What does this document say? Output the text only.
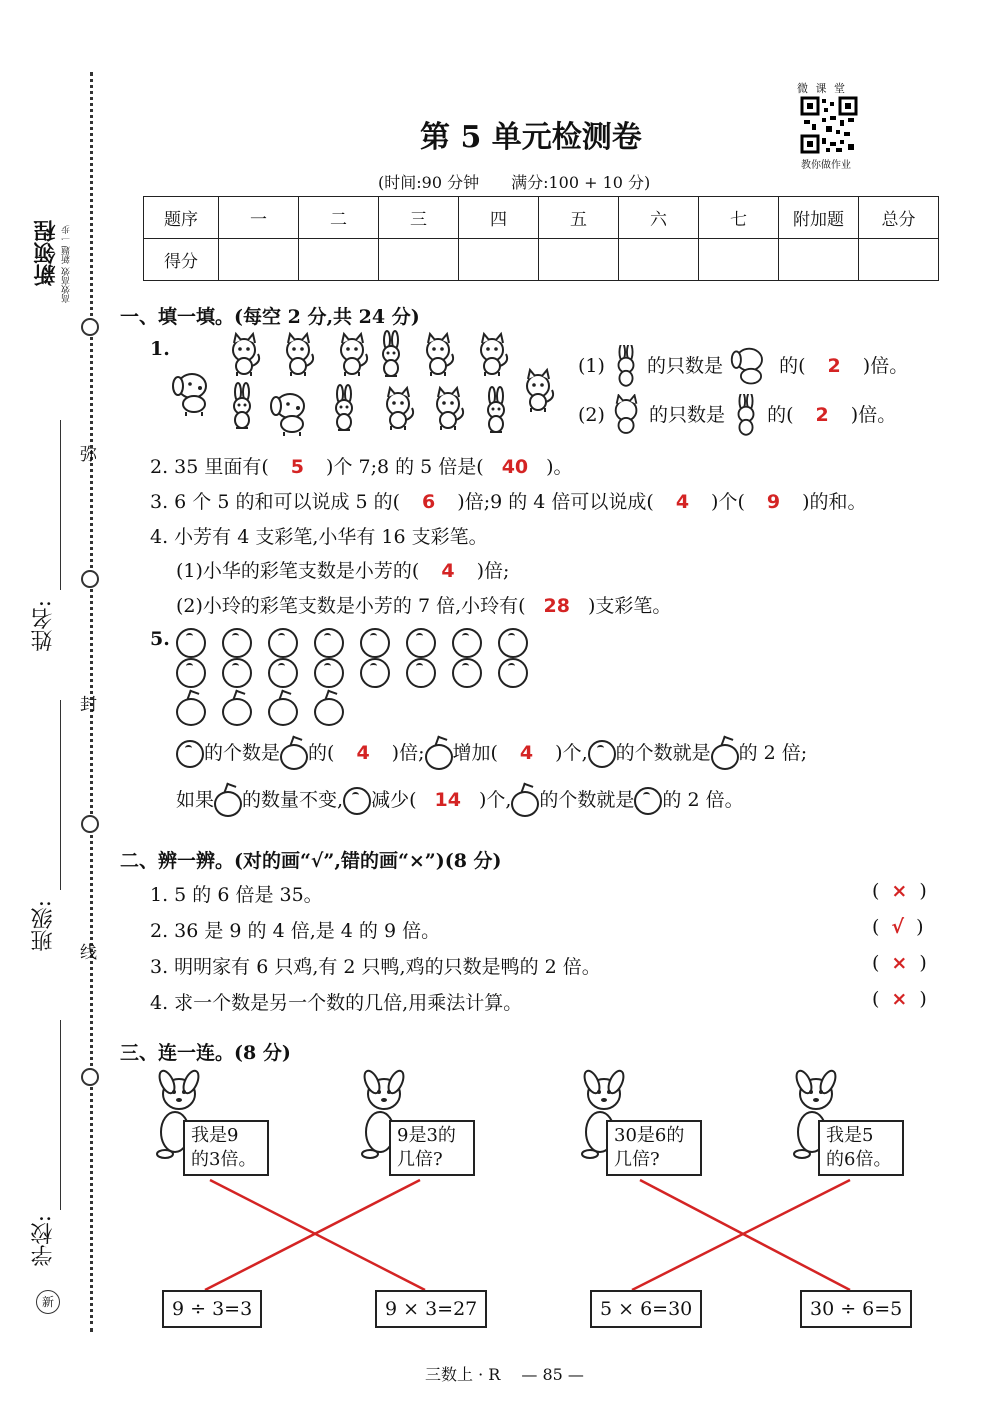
弥
封
线
新领程 高效高效 新题 一步
姓名:
班级:
学校:
新
第 5 单元检测卷
(时间:90 分钟　　满分:100 + 10 分)
微 课 堂
教你做作业
题序	一	二	三	四	五	六	七	附加题	总分
得分									
一、填一填。(每空 2 分,共 24 分)
1.
(1) 的只数是	的( 2 )倍。
(2) 的只数是 的( 2 )倍。
2. 35 里面有( 5 )个 7;8 的 5 倍是( 40 )。
3. 6 个 5 的和可以说成 5 的( 6 )倍;9 的 4 倍可以说成( 4 )个( 9 )的和。
4. 小芳有 4 支彩笔,小华有 16 支彩笔。
(1)小华的彩笔支数是小芳的( 4 )倍;
(2)小玲的彩笔支数是小芳的 7 倍,小玲有( 28 )支彩笔。
5.
的个数是 的( 4 )倍; 增加( 4 )个, 的个数就是 的 2 倍;
如果 的数量不变, 减少( 14 )个, 的个数就是 的 2 倍。
二、辨一辨。(对的画“√”,错的画“×”)(8 分)
1. 5 的 6 倍是 35。	( × )
2. 36 是 9 的 4 倍,是 4 的 9 倍。	( √ )
3. 明明家有 6 只鸡,有 2 只鸭,鸡的只数是鸭的 2 倍。	( × )
4. 求一个数是另一个数的几倍,用乘法计算。	( × )
三、连一连。(8 分)
我是9
的3倍。
9是3的
几倍?
30是6的
几倍?
我是5
的6倍。
9 ÷ 3=3	9 × 3=27	5 × 6=30	30 ÷ 6=5
三数上 · R　 — 85 —
